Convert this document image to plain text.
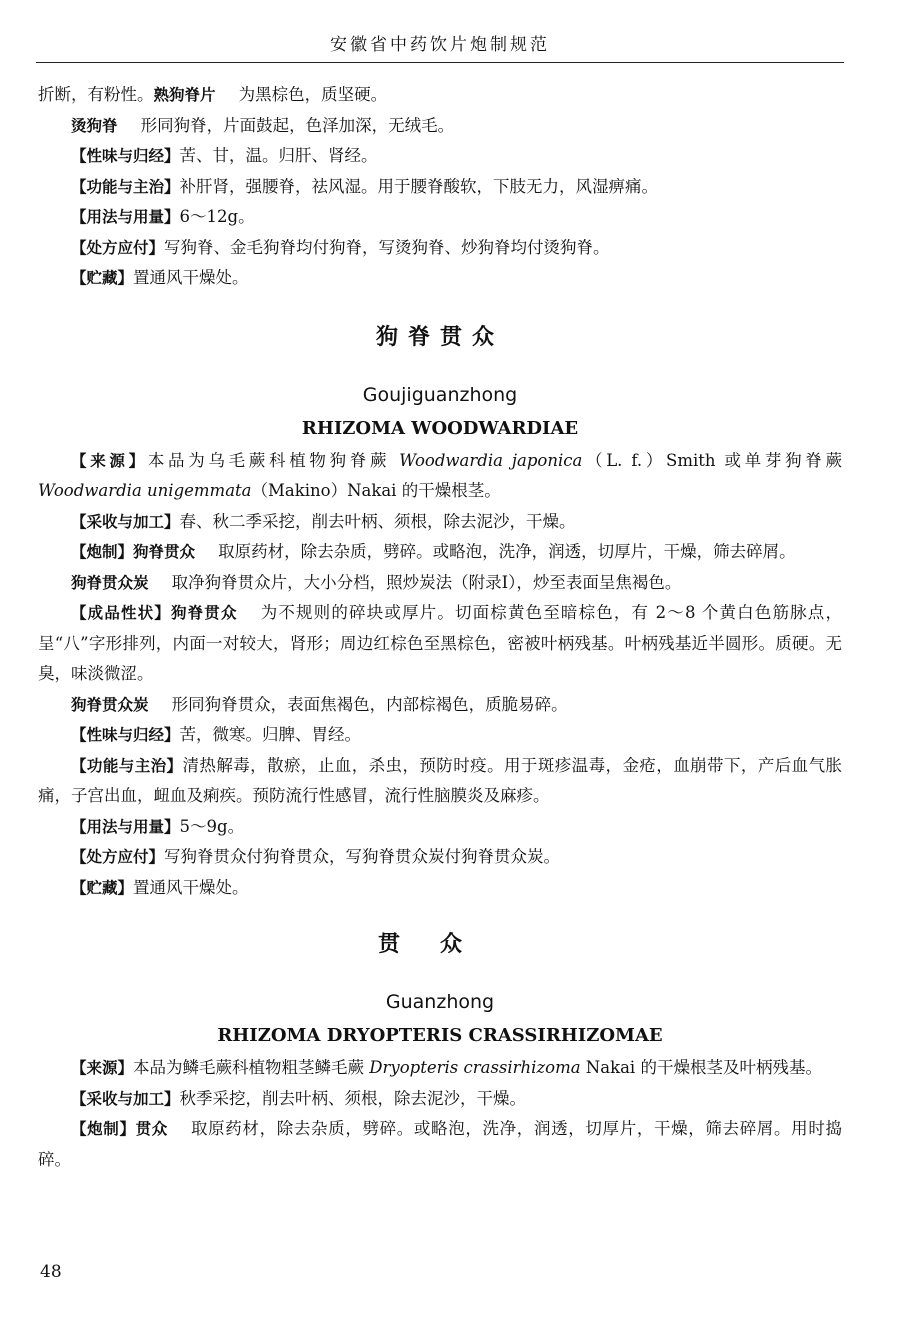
安徽省中药饮片炮制规范

折断，有粉性。熟狗脊片 为黑棕色，质坚硬。

烫狗脊 形同狗脊，片面鼓起，色泽加深，无绒毛。

【性味与归经】苦、甘，温。归肝、肾经。

【功能与主治】补肝肾，强腰脊，祛风湿。用于腰脊酸软，下肢无力，风湿痹痛。

【用法与用量】6～12g。

【处方应付】写狗脊、金毛狗脊均付狗脊，写烫狗脊、炒狗脊均付烫狗脊。

【贮藏】置通风干燥处。

狗脊贯众
Goujiguanzhong
RHIZOMA WOODWARDIAE

【来源】本品为乌毛蕨科植物狗脊蕨 Woodwardia japonica（L. f.）Smith 或单芽狗脊蕨 Woodwardia unigemmata（Makino）Nakai 的干燥根茎。

【采收与加工】春、秋二季采挖，削去叶柄、须根，除去泥沙，干燥。

【炮制】狗脊贯众 取原药材，除去杂质，劈碎。或略泡，洗净，润透，切厚片，干燥，筛去碎屑。

狗脊贯众炭 取净狗脊贯众片，大小分档，照炒炭法（附录Ⅰ），炒至表面呈焦褐色。

【成品性状】狗脊贯众 为不规则的碎块或厚片。切面棕黄色至暗棕色，有 2～8 个黄白色筋脉点，呈“八”字形排列，内面一对较大，肾形；周边红棕色至黑棕色，密被叶柄残基。叶柄残基近半圆形。质硬。无臭，味淡微涩。

狗脊贯众炭 形同狗脊贯众，表面焦褐色，内部棕褐色，质脆易碎。

【性味与归经】苦，微寒。归脾、胃经。

【功能与主治】清热解毒，散瘀，止血，杀虫，预防时疫。用于斑疹温毒，金疮，血崩带下，产后血气胀痛，子宫出血，衄血及痢疾。预防流行性感冒，流行性脑膜炎及麻疹。

【用法与用量】5～9g。

【处方应付】写狗脊贯众付狗脊贯众，写狗脊贯众炭付狗脊贯众炭。

【贮藏】置通风干燥处。

贯众
Guanzhong
RHIZOMA DRYOPTERIS CRASSIRHIZOMAE

【来源】本品为鳞毛蕨科植物粗茎鳞毛蕨 Dryopteris crassirhizoma Nakai 的干燥根茎及叶柄残基。

【采收与加工】秋季采挖，削去叶柄、须根，除去泥沙，干燥。

【炮制】贯众 取原药材，除去杂质，劈碎。或略泡，洗净，润透，切厚片，干燥，筛去碎屑。用时捣碎。

48
